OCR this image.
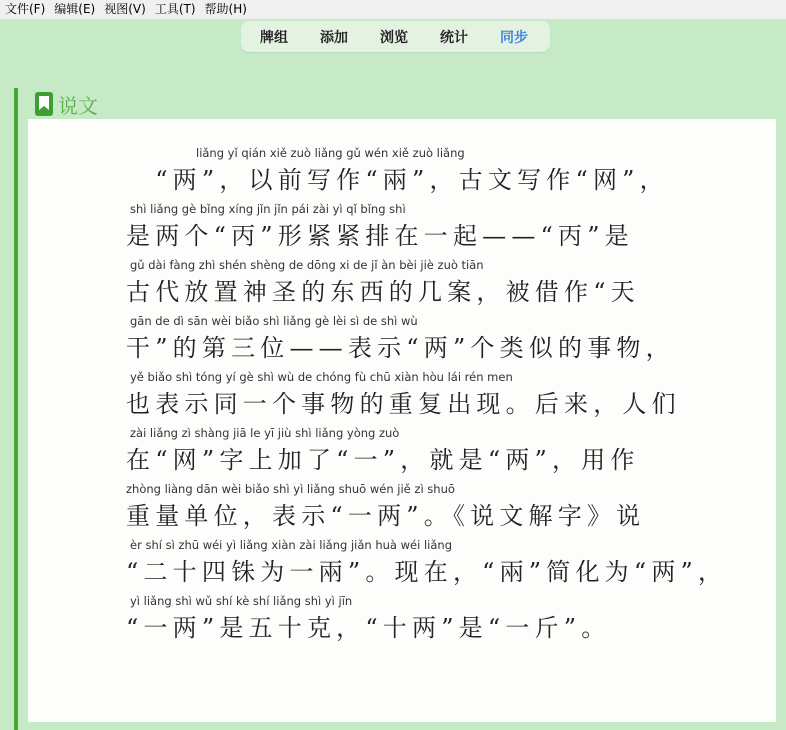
文件(F) 编辑(E) 视图(V) 工具(T) 帮助(H)
牌组	添加	浏览	统计	同步
说文
liǎng yǐ qián xiě zuò liǎng gǔ wén xiě zuò liǎng
　“两”，以前写作“兩”，古文写作“网”，
shì liǎng gè bǐng xíng jǐn jǐn pái zài yì qǐ bǐng shì
是两个“丙”形紧紧排在一起——“丙”是
gǔ dài fàng zhì shén shèng de dōng xi de jǐ àn bèi jiè zuò tiān
古代放置神圣的东西的几案，被借作“天
gān de dì sān wèi biǎo shì liǎng gè lèi sì de shì wù
干”的第三位——表示“两”个类似的事物，
yě biǎo shì tóng yí gè shì wù de chóng fù chū xiàn hòu lái rén men
也表示同一个事物的重复出现。后来，人们
zài liǎng zì shàng jiā le yī jiù shì liǎng yòng zuò
在“网”字上加了“一”，就是“两”，用作
zhòng liàng dān wèi biǎo shì yì liǎng shuō wén jiě zì shuō
重量单位，表示“一两”。《说文解字》说
èr shí sì zhū wéi yì liǎng xiàn zài liǎng jiǎn huà wéi liǎng
“二十四铢为一兩”。现在，“兩”简化为“两”，
yì liǎng shì wǔ shí kè shí liǎng shì yì jīn
“一两”是五十克，“十两”是“一斤”。
